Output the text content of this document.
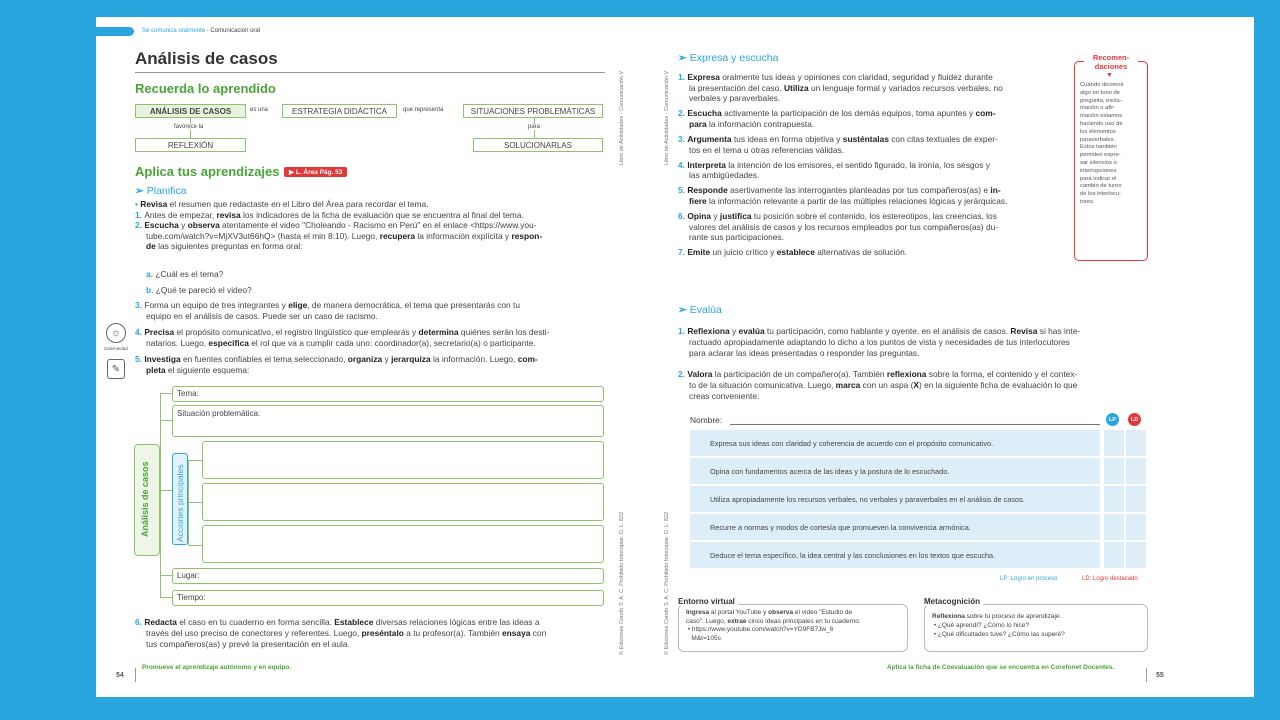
Se comunica oralmente - Comunicación oral
Análisis de casos
Recuerda lo aprendido
ANÁLISIS DE CASOS	es una	ESTRATEGIA DIDÁCTICA	que representa	SITUACIONES PROBLEMÁTICAS
favorece la	para
REFLEXIÓN	SOLUCIONARLAS
Aplica tus aprendizajes	▶ L. Área Pág. 53
➢ Planifica
• Revisa el resumen que redactaste en el Libro del Área para recordar el tema.
1. Antes de empezar, revisa los indicadores de la ficha de evaluación que se encuentra al final del tema.
2. Escucha y observa atentamente el video "Choleando - Racismo en Perú" en el enlace <https://www.you-
tube.com/watch?v=MjXV3ut66hQ> (hasta el min 8:10). Luego, recupera la información explícita y respon-
de las siguientes preguntas en forma oral:
a. ¿Cuál es el tema?
b. ¿Qué te pareció el video?
3. Forma un equipo de tres integrantes y elige, de manera democrática, el tema que presentarás con tu
equipo en el análisis de casos. Puede ser un caso de racismo.
4. Precisa el propósito comunicativo, el registro lingüístico que emplearás y determina quiénes serán los desti-
natarios. Luego, especifica el rol que va a cumplir cada uno: coordinador(a), secretario(a) o participante.
5. Investiga en fuentes confiables el tema seleccionado, organiza y jerarquiza la información. Luego, com-
pleta el siguiente esquema:
☼
Solemnidad
✎
Análisis de casos
Tema:
Situación problemática:
Acciones principales
Lugar:
Tiempo:
6. Redacta el caso en tu cuaderno en forma sencilla. Establece diversas relaciones lógicas entre las ideas a
través del uso preciso de conectores y referentes. Luego, preséntalo a tu profesor(a). También ensaya con
tus compañeros(as) y prevé la presentación en el aula.
Promueve el aprendizaje autónomo y en equipo.
54
Libro de Actividades - Comunicación V
© Ediciones Corefo S. A. C. Prohibido fotocopiar. D. L. 822
Libro de Actividades - Comunicación V
© Ediciones Corefo S. A. C. Prohibido fotocopiar. D. L. 822
➢ Expresa y escucha
1. Expresa oralmente tus ideas y opiniones con claridad, seguridad y fluidez durante
la presentación del caso. Utiliza un lenguaje formal y variados recursos verbales, no
verbales y paraverbales.
2. Escucha activamente la participación de los demás equipos, toma apuntes y com-
para la información contrapuesta.
3. Argumenta tus ideas en forma objetiva y susténtalas con citas textuales de exper-
tos en el tema u otras referencias válidas.
4. Interpreta la intención de los emisores, el sentido figurado, la ironía, los sesgos y
las ambigüedades.
5. Responde asertivamente las interrogantes planteadas por tus compañeros(as) e in-
fiere la información relevante a partir de las múltiples relaciones lógicas y jerárquicas.
6. Opina y justifica tu posición sobre el contenido, los estereotipos, las creencias, los
valores del análisis de casos y los recursos empleados por tus compañeros(as) du-
rante sus participaciones.
7. Emite un juicio crítico y establece alternativas de solución.
Recomen-
daciones
▼
Cuando decimos
algo en tono de
pregunta, excla-
mación o afir-
mación estamos
haciendo uso de
los elementos
paraverbales.
Estos también
permiten expre-
sar silencios o
interrupciones
para indicar el
cambio de turno
de los interlocu-
tores.
➢ Evalúa
1. Reflexiona y evalúa tu participación, como hablante y oyente, en el análisis de casos. Revisa si has inte-
ractuado apropiadamente adaptando lo dicho a los puntos de vista y necesidades de tus interlocutores
para aclarar las ideas presentadas o responder las preguntas.
2. Valora la participación de un compañero(a). También reflexiona sobre la forma, el contenido y el contex-
to de la situación comunicativa. Luego, marca con un aspa (X) en la siguiente ficha de evaluación lo que
creas conveniente:
Nombre:	LP	LD
Expresa sus ideas con claridad y coherencia de acuerdo con el propósito comunicativo.
Opina con fundamentos acerca de las ideas y la postura de lo escuchado.
Utiliza apropiadamente los recursos verbales, no verbales y paraverbales en el análisis de casos.
Recurre a normas y modos de cortesía que promueven la convivencia armónica.
Deduce el tema específico, la idea central y las conclusiones en los textos que escucha.
LP: Logro en proceso	LD: Logro destacado
Entorno virtual
Ingresa al portal YouTube y observa el video "Estudio de
caso". Luego, extrae cinco ideas principales en tu cuaderno.
• https://www.youtube.com/watch?v=YD9FB7Jw_6
M&t=105s
Metacognición
Reflexiona sobre tu proceso de aprendizaje.
• ¿Qué aprendí? ¿Cómo lo hice?
• ¿Qué dificultades tuve? ¿Cómo las superé?
Aplica la ficha de Coevaluación que se encuentra en Corefonet Docentes.
55
